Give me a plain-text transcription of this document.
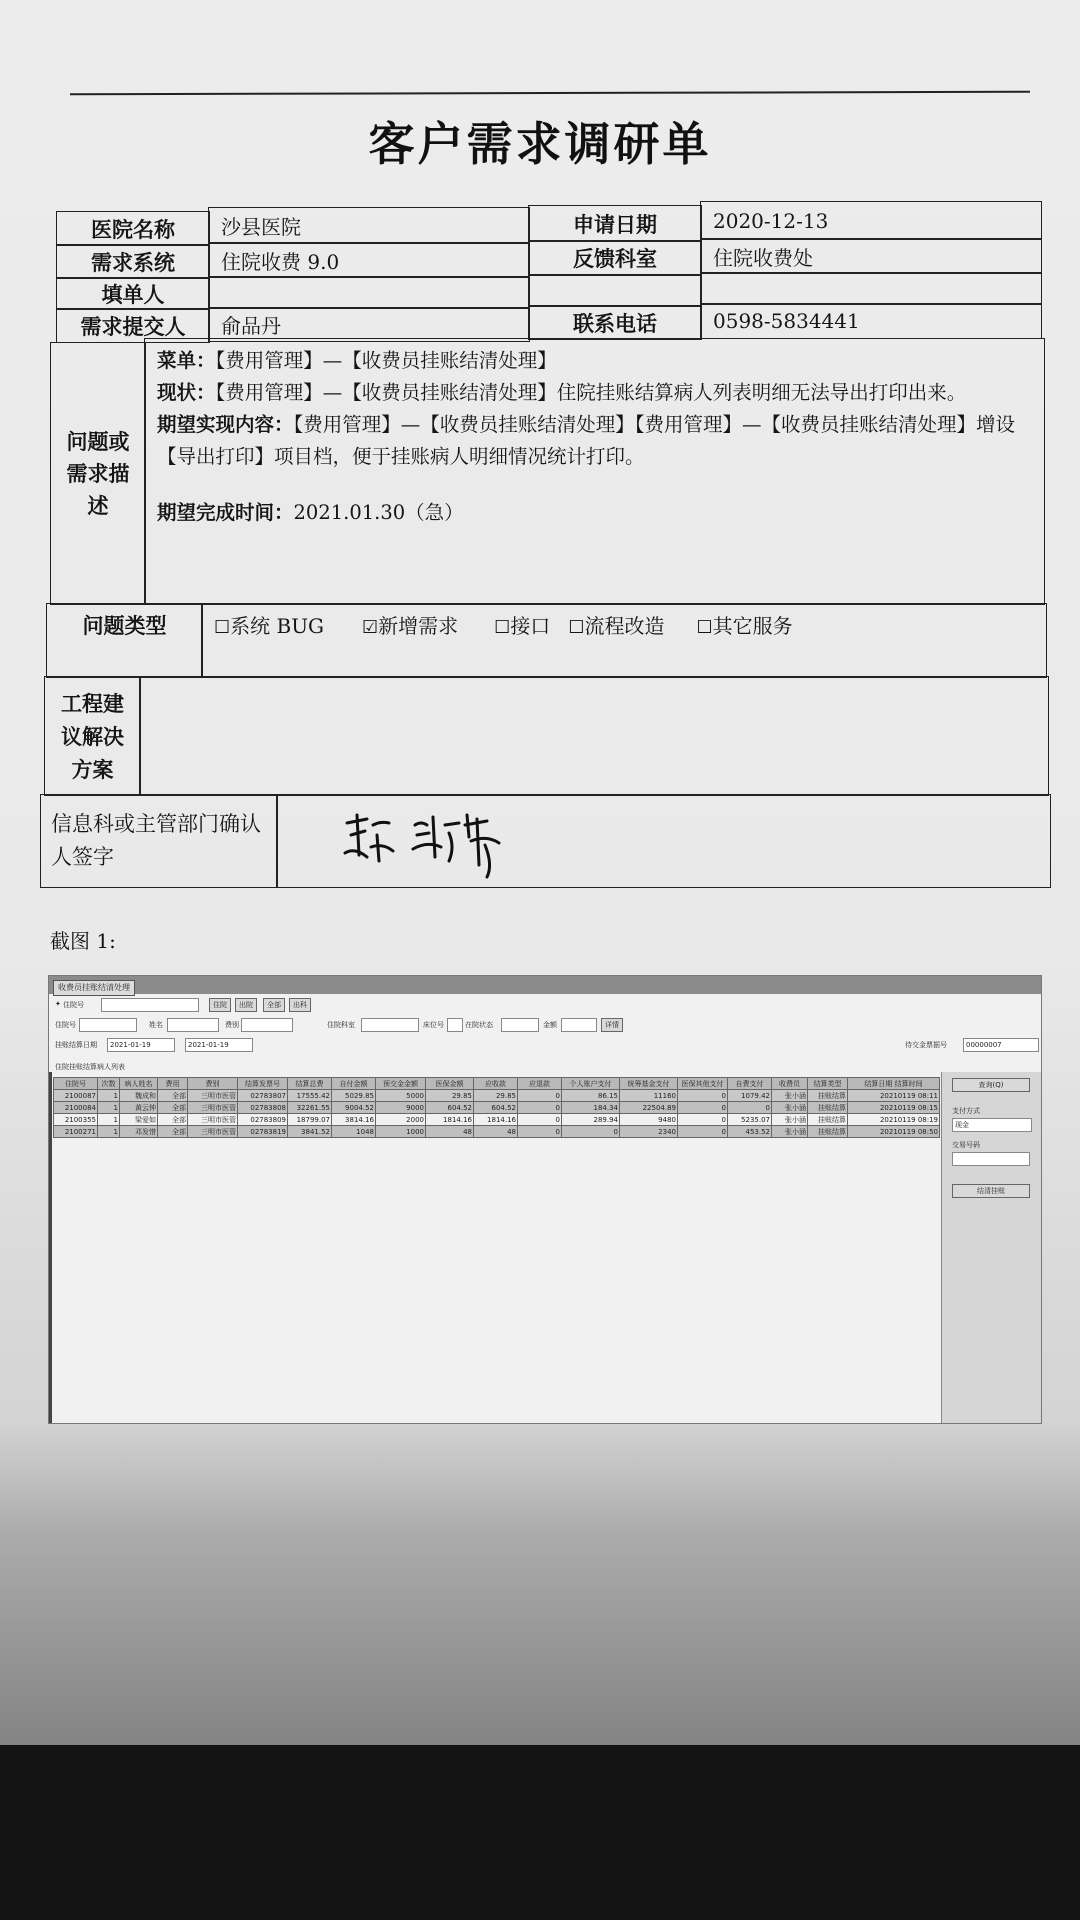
客户需求调研单
医院名称	沙县医院	申请日期	2020-12-13
需求系统	住院收费 9.0	反馈科室	住院收费处
填单人
需求提交人	俞品丹	联系电话	0598-5834441
问题或需求描述

菜单：【费用管理】—【收费员挂账结清处理】

现状：【费用管理】—【收费员挂账结清处理】住院挂账结算病人列表明细无法导出打印出来。

期望实现内容：【费用管理】—【收费员挂账结清处理】【费用管理】—【收费员挂账结清处理】增设【导出打印】项目档，便于挂账病人明细情况统计打印。

期望完成时间：2021.01.30（急）

问题类型	☐系统 BUG ☑新增需求 ☐接口 ☐流程改造 ☐其它服务
工程建议解决方案
信息科或主管部门确认人签字
截图 1:
收费员挂账结清处理
✦ 住院号	住院	出院	全部	出科
住院号	姓名	费别	住院科室	床位号	在院状态	金额	详情
挂账结算日期	2021-01-19	2021-01-19	待交金票据号	00000007
住院挂账结算病人列表
住院号	次数	病人姓名	费用	费别	结算发票号	结算总费	自付金额	预交金金额	医保金额	应收款	应退款	个人账户支付	统筹基金支付	医保其他支付	自费支付	收费员	结算类型	结算日期 结算时间
2100087	1	魏成和	全部	三明市医管	02783807	17555.42	5029.85	5000	29.85	29.85	0	86.15	11160	0	1079.42	张小涵	挂账结算	20210119 08:11
2100084	1	黄云钟	全部	三明市医管	02783808	32261.55	9004.52	9000	604.52	604.52	0	184.34	22504.89	0	0	张小涵	挂账结算	20210119 08:15
2100355	1	梁爱如	全部	三明市医管	02783809	18799.07	3814.16	2000	1814.16	1814.16	0	289.94	9480	0	5235.07	张小涵	挂账结算	20210119 08:19
2100271	1	邓发惜	全部	三明市医管	02783819	3841.52	1048	1000	48	48	0	0	2340	0	453.52	张小涵	挂账结算	20210119 08:50
查询(Q)
支付方式
现金
交易号码
结清挂账
